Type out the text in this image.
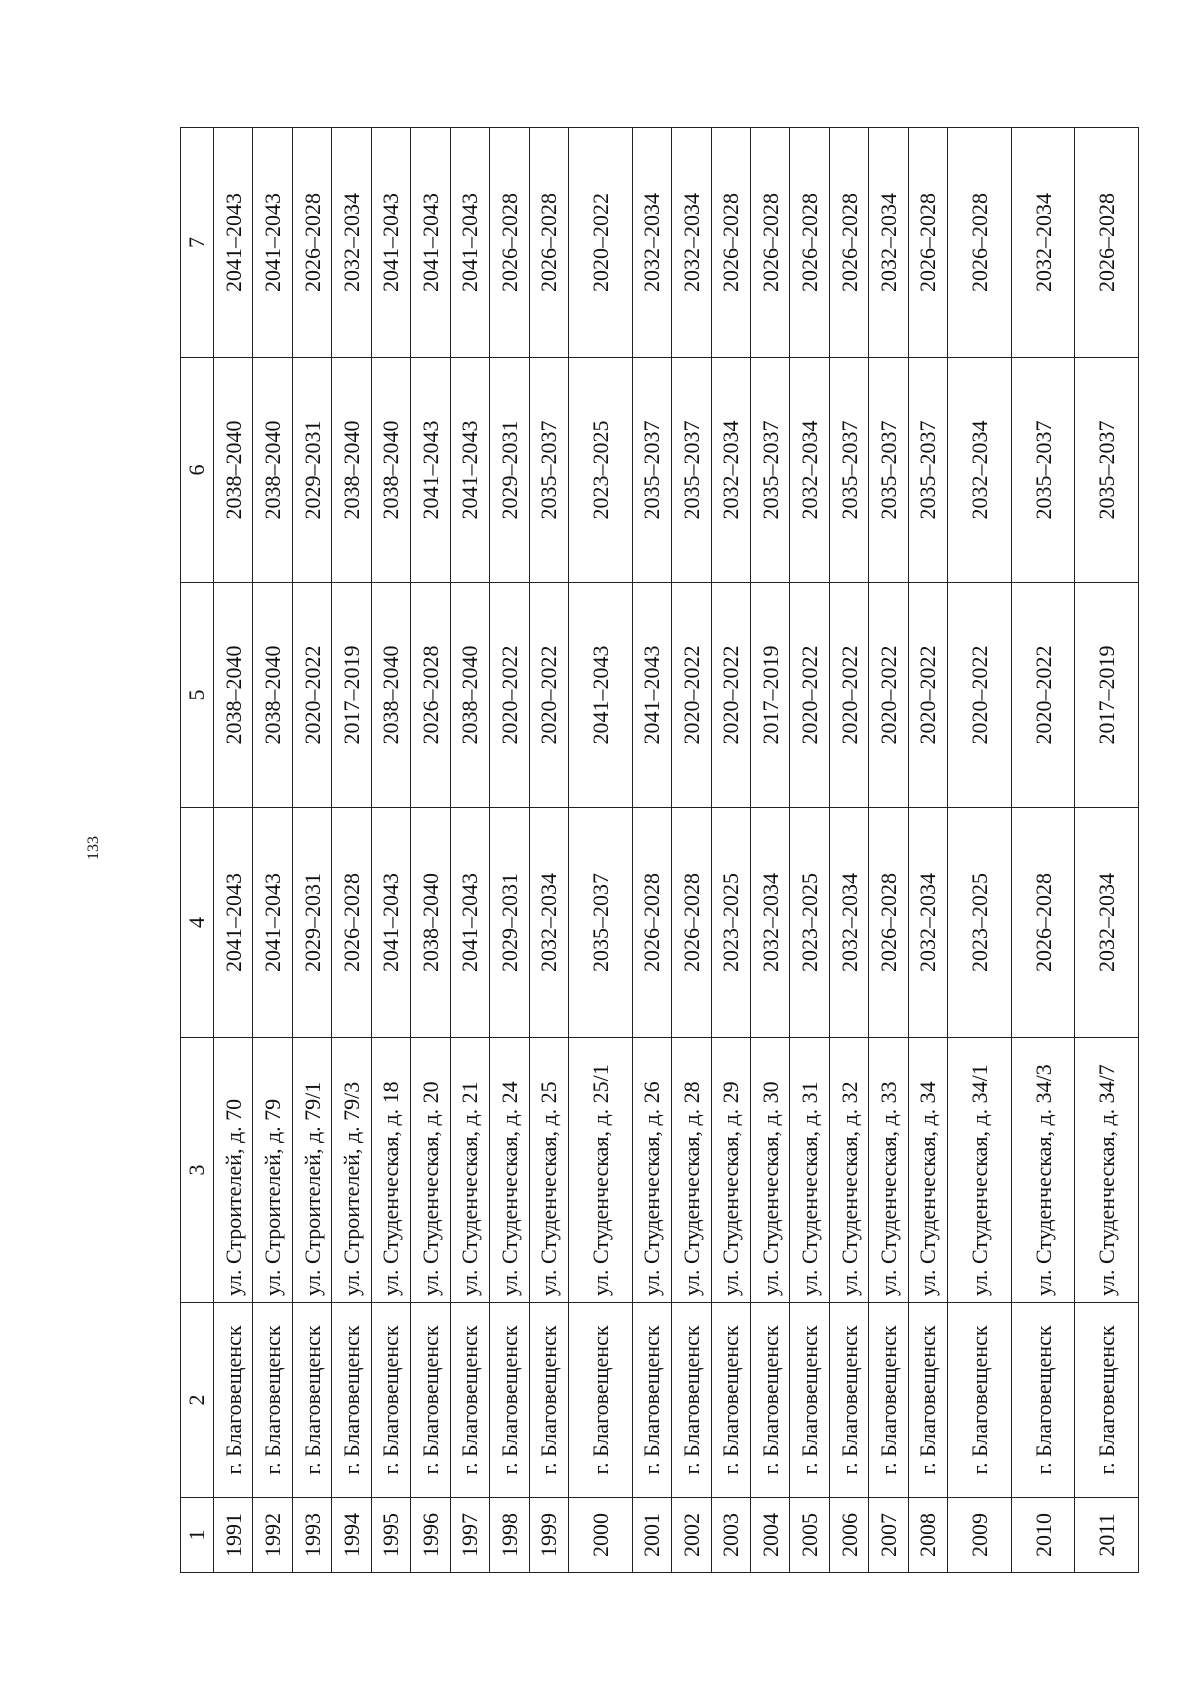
133
1	2	3	4	5	6	7
1991	г. Благовещенск	ул. Строителей, д. 70	2041–2043	2038–2040	2038–2040	2041–2043
1992	г. Благовещенск	ул. Строителей, д. 79	2041–2043	2038–2040	2038–2040	2041–2043
1993	г. Благовещенск	ул. Строителей, д. 79/1	2029–2031	2020–2022	2029–2031	2026–2028
1994	г. Благовещенск	ул. Строителей, д. 79/3	2026–2028	2017–2019	2038–2040	2032–2034
1995	г. Благовещенск	ул. Студенческая, д. 18	2041–2043	2038–2040	2038–2040	2041–2043
1996	г. Благовещенск	ул. Студенческая, д. 20	2038–2040	2026–2028	2041–2043	2041–2043
1997	г. Благовещенск	ул. Студенческая, д. 21	2041–2043	2038–2040	2041–2043	2041–2043
1998	г. Благовещенск	ул. Студенческая, д. 24	2029–2031	2020–2022	2029–2031	2026–2028
1999	г. Благовещенск	ул. Студенческая, д. 25	2032–2034	2020–2022	2035–2037	2026–2028
2000	г. Благовещенск	ул. Студенческая, д. 25/1	2035–2037	2041–2043	2023–2025	2020–2022
2001	г. Благовещенск	ул. Студенческая, д. 26	2026–2028	2041–2043	2035–2037	2032–2034
2002	г. Благовещенск	ул. Студенческая, д. 28	2026–2028	2020–2022	2035–2037	2032–2034
2003	г. Благовещенск	ул. Студенческая, д. 29	2023–2025	2020–2022	2032–2034	2026–2028
2004	г. Благовещенск	ул. Студенческая, д. 30	2032–2034	2017–2019	2035–2037	2026–2028
2005	г. Благовещенск	ул. Студенческая, д. 31	2023–2025	2020–2022	2032–2034	2026–2028
2006	г. Благовещенск	ул. Студенческая, д. 32	2032–2034	2020–2022	2035–2037	2026–2028
2007	г. Благовещенск	ул. Студенческая, д. 33	2026–2028	2020–2022	2035–2037	2032–2034
2008	г. Благовещенск	ул. Студенческая, д. 34	2032–2034	2020–2022	2035–2037	2026–2028
2009	г. Благовещенск	ул. Студенческая, д. 34/1	2023–2025	2020–2022	2032–2034	2026–2028
2010	г. Благовещенск	ул. Студенческая, д. 34/3	2026–2028	2020–2022	2035–2037	2032–2034
2011	г. Благовещенск	ул. Студенческая, д. 34/7	2032–2034	2017–2019	2035–2037	2026–2028
